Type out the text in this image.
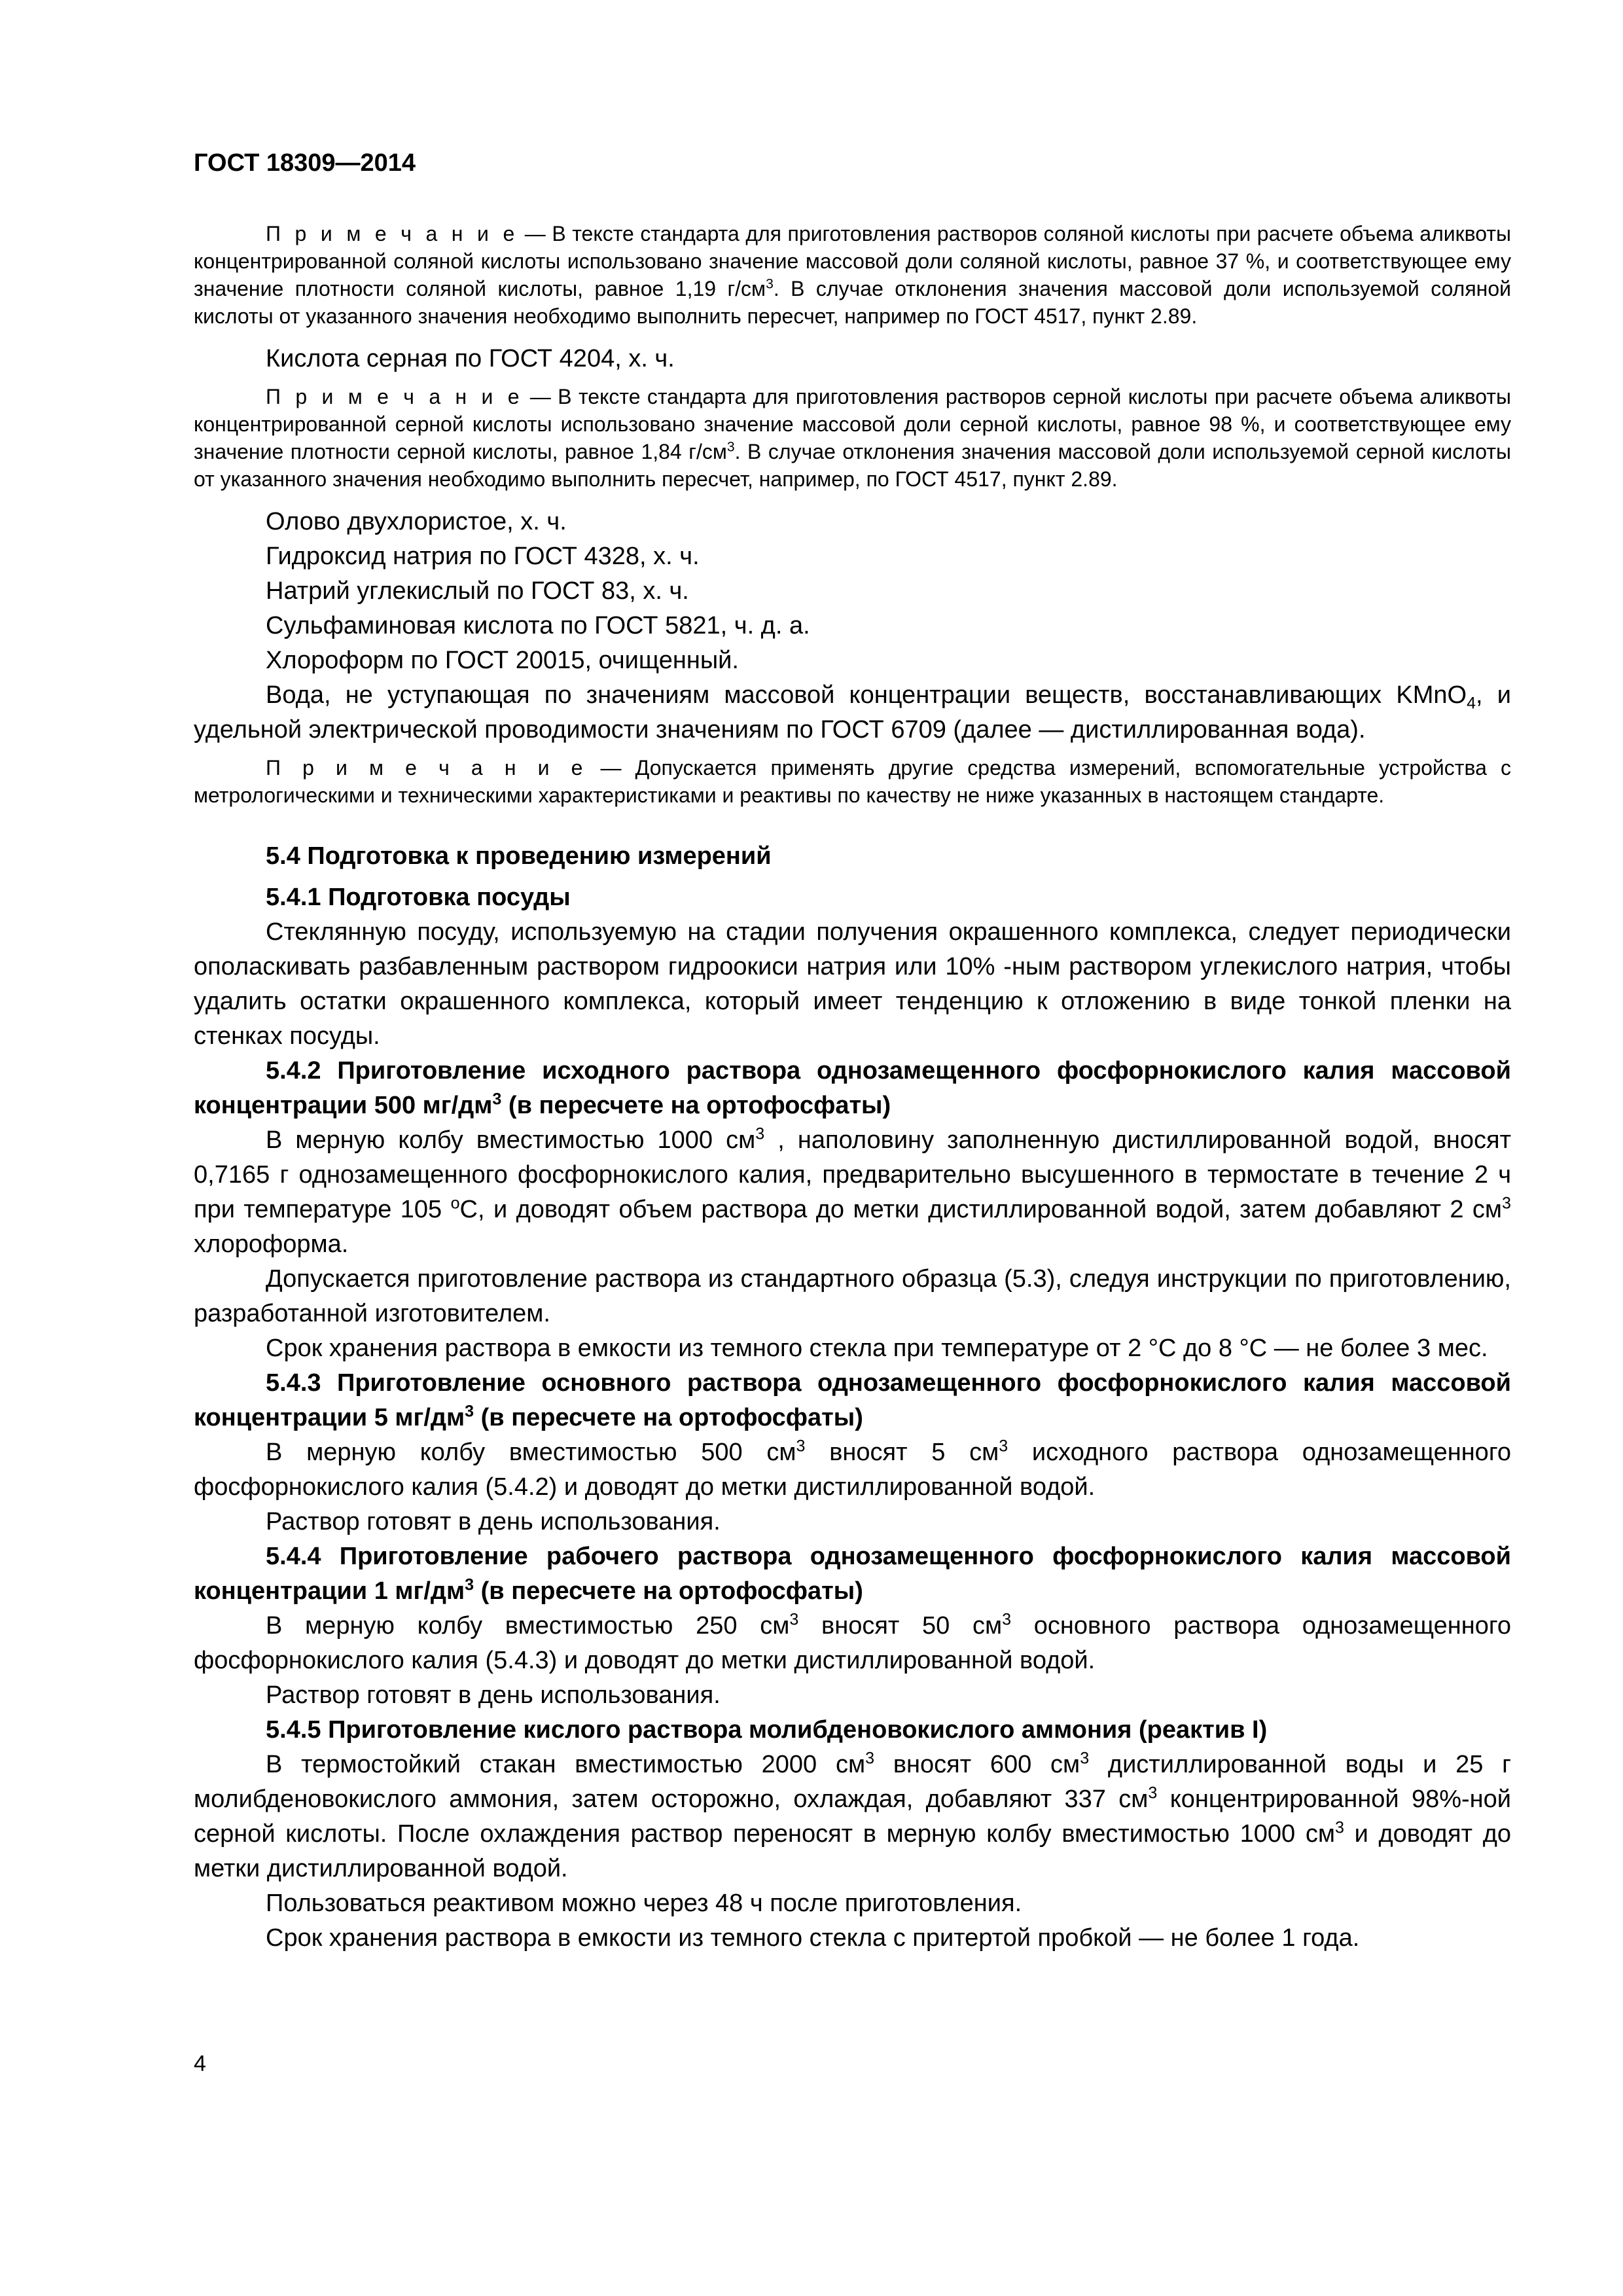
ГОСТ 18309—2014

П р и м е ч а н и е — В тексте стандарта для приготовления растворов соляной кислоты при расчете объема аликвоты концентрированной соляной кислоты использовано значение массовой доли соляной кислоты, равное 37 %, и соответствующее ему значение плотности соляной кислоты, равное 1,19 $г/см^3$. В случае отклонения значения массовой доли используемой соляной кислоты от указанного значения необходимо выполнить пересчет, например по ГОСТ 4517, пункт 2.89.

Кислота серная по ГОСТ 4204, х. ч.

П р и м е ч а н и е — В тексте стандарта для приготовления растворов серной кислоты при расчете объема аликвоты концентрированной серной кислоты использовано значение массовой доли серной кислоты, равное 98 %, и соответствующее ему значение плотности серной кислоты, равное 1,84 $г/см^3$. В случае отклонения значения массовой доли используемой серной кислоты от указанного значения необходимо выполнить пересчет, например, по ГОСТ 4517, пункт 2.89.

Олово двухлористое, х. ч.

Гидроксид натрия по ГОСТ 4328, х. ч.

Натрий углекислый по ГОСТ 83, х. ч.

Сульфаминовая кислота по ГОСТ 5821, ч. д. а.

Хлороформ по ГОСТ 20015, очищенный.

Вода, не уступающая по значениям массовой концентрации веществ, восстанавливающих KMnO$_4$, и удельной электрической проводимости значениям по ГОСТ 6709 (далее — дистиллированная вода).

П р и м е ч а н и е — Допускается применять другие средства измерений, вспомогательные устройства с метрологическими и техническими характеристиками и реактивы по качеству не ниже указанных в настоящем стандарте.

5.4 Подготовка к проведению измерений

5.4.1 Подготовка посуды

Стеклянную посуду, используемую на стадии получения окрашенного комплекса, следует периодически ополаскивать разбавленным раствором гидроокиси натрия или 10% -ным раствором углекислого натрия, чтобы удалить остатки окрашенного комплекса, который имеет тенденцию к отложению в виде тонкой пленки на стенках посуды.

5.4.2 Приготовление исходного раствора однозамещенного фосфорнокислого калия массовой концентрации 500 $мг/дм^3$ (в пересчете на ортофосфаты)

В мерную колбу вместимостью 1000 $см^3$ , наполовину заполненную дистиллированной водой, вносят 0,7165 г однозамещенного фосфорнокислого калия, предварительно высушенного в термостате в течение 2 ч при температуре 105 $^о$С, и доводят объем раствора до метки дистиллированной водой, затем добавляют 2 $см^3$ хлороформа.

Допускается приготовление раствора из стандартного образца (5.3), следуя инструкции по приготовлению, разработанной изготовителем.

Срок хранения раствора в емкости из темного стекла при температуре от 2 °С до 8 °С — не более 3 мес.

5.4.3 Приготовление основного раствора однозамещенного фосфорнокислого калия массовой концентрации 5 $мг/дм^3$ (в пересчете на ортофосфаты)

В мерную колбу вместимостью 500 $см^3$ вносят 5 $см^3$ исходного раствора однозамещенного фосфорнокислого калия (5.4.2) и доводят до метки дистиллированной водой.

Раствор готовят в день использования.

5.4.4 Приготовление рабочего раствора однозамещенного фосфорнокислого калия массовой концентрации 1 $мг/дм^3$ (в пересчете на ортофосфаты)

В мерную колбу вместимостью 250 $см^3$ вносят 50 $см^3$ основного раствора однозамещенного фосфорнокислого калия (5.4.3) и доводят до метки дистиллированной водой.

Раствор готовят в день использования.

5.4.5 Приготовление кислого раствора молибденовокислого аммония (реактив I)

В термостойкий стакан вместимостью 2000 $см^3$ вносят 600 $см^3$ дистиллированной воды и 25 г молибденовокислого аммония, затем осторожно, охлаждая, добавляют 337 $см^3$ концентрированной 98%-ной серной кислоты. После охлаждения раствор переносят в мерную колбу вместимостью 1000 $см^3$ и доводят до метки дистиллированной водой.

Пользоваться реактивом можно через 48 ч после приготовления.

Срок хранения раствора в емкости из темного стекла с притертой пробкой — не более 1 года.

4
